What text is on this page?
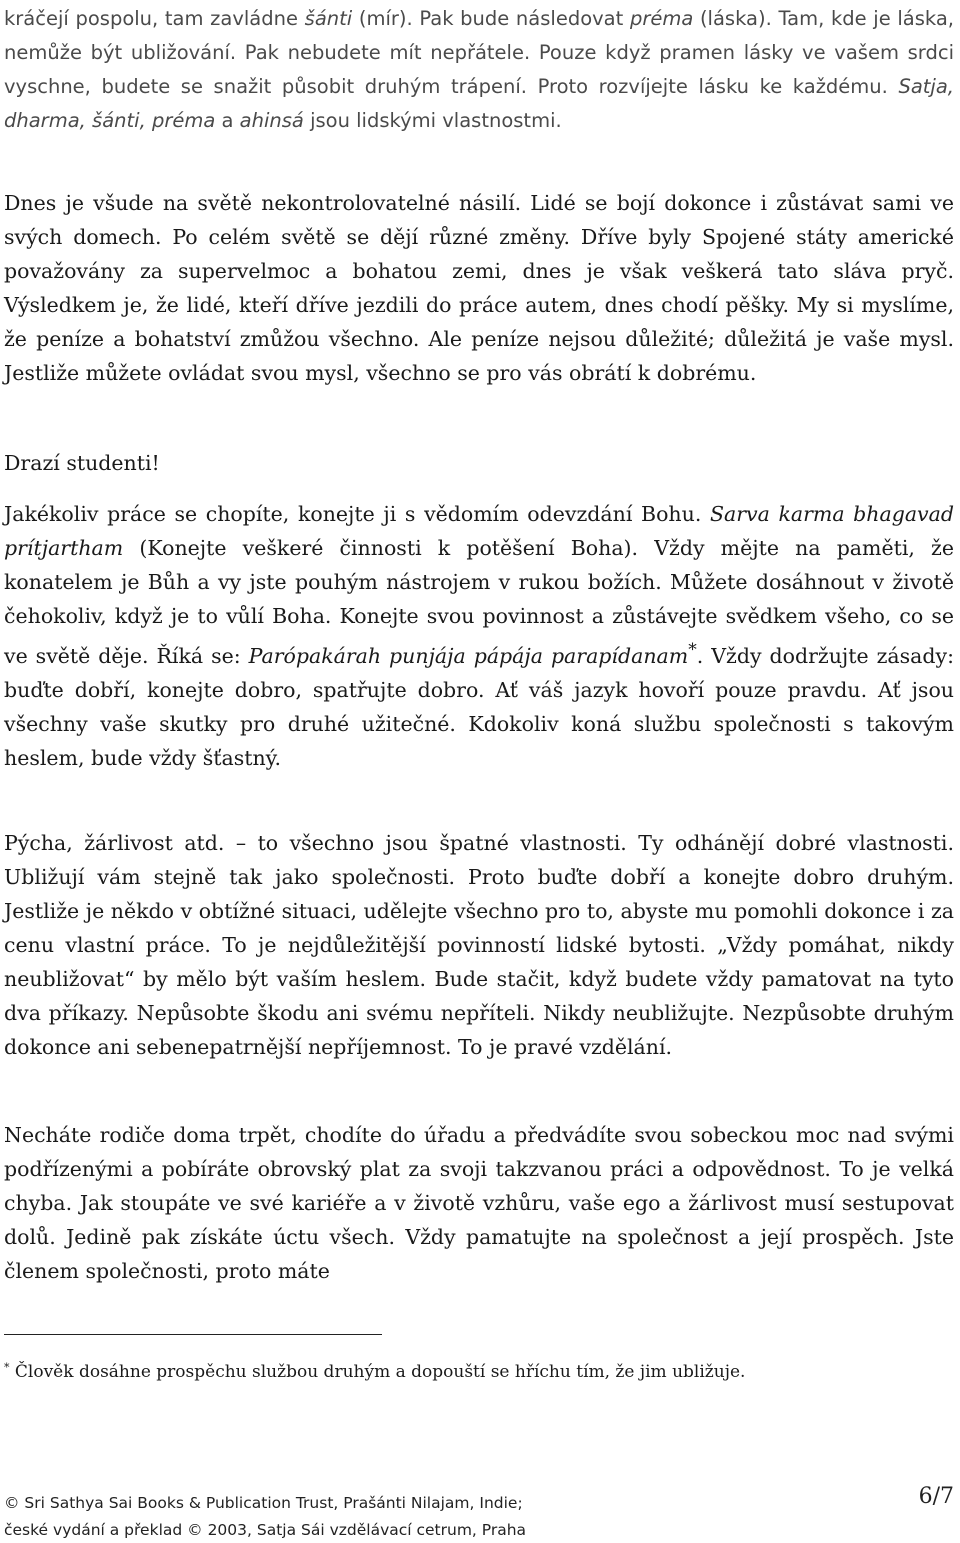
kráčejí pospolu, tam zavládne šánti (mír). Pak bude následovat préma (láska). Tam, kde je láska, nemůže být ubližování. Pak nebudete mít nepřátele. Pouze když pramen lásky ve vašem srdci vyschne, budete se snažit působit druhým trápení. Proto rozvíjejte lásku ke každému. Satja, dharma, šánti, préma a ahinsá jsou lidskými vlastnostmi.

Dnes je všude na světě nekontrolovatelné násilí. Lidé se bojí dokonce i zůstávat sami ve svých domech. Po celém světě se dějí různé změny. Dříve byly Spojené státy americké považovány za supervelmoc a bohatou zemi, dnes je však veškerá tato sláva pryč. Výsledkem je, že lidé, kteří dříve jezdili do práce autem, dnes chodí pěšky. My si myslíme, že peníze a bohatství zmůžou všechno. Ale peníze nejsou důležité; důležitá je vaše mysl. Jestliže můžete ovládat svou mysl, všechno se pro vás obrátí k dobrému.

Drazí studenti!

Jakékoliv práce se chopíte, konejte ji s vědomím odevzdání Bohu. Sarva karma bhagavad prítjartham (Konejte veškeré činnosti k potěšení Boha). Vždy mějte na paměti, že konatelem je Bůh a vy jste pouhým nástrojem v rukou božích. Můžete dosáhnout v životě čehokoliv, když je to vůlí Boha. Konejte svou povinnost a zůstávejte svědkem všeho, co se ve světě děje. Říká se: Parópakárah punjája pápája parapídanam*. Vždy dodržujte zásady: buďte dobří, konejte dobro, spatřujte dobro. Ať váš jazyk hovoří pouze pravdu. Ať jsou všechny vaše skutky pro druhé užitečné. Kdokoliv koná službu společnosti s takovým heslem, bude vždy šťastný.

Pýcha, žárlivost atd. – to všechno jsou špatné vlastnosti. Ty odhánějí dobré vlastnosti. Ubližují vám stejně tak jako společnosti. Proto buďte dobří a konejte dobro druhým. Jestliže je někdo v obtížné situaci, udělejte všechno pro to, abyste mu pomohli dokonce i za cenu vlastní práce. To je nejdůležitější povinností lidské bytosti. „Vždy pomáhat, nikdy neubližovat“ by mělo být vaším heslem. Bude stačit, když budete vždy pamatovat na tyto dva příkazy. Nepůsobte škodu ani svému nepříteli. Nikdy neubližujte. Nezpůsobte druhým dokonce ani sebenepatrnější nepříjemnost. To je pravé vzdělání.

Necháte rodiče doma trpět, chodíte do úřadu a předvádíte svou sobeckou moc nad svými podřízenými a pobíráte obrovský plat za svoji takzvanou práci a odpovědnost. To je velká chyba. Jak stoupáte ve své kariéře a v životě vzhůru, vaše ego a žárlivost musí sestupovat dolů. Jedině pak získáte úctu všech. Vždy pamatujte na společnost a její prospěch. Jste členem společnosti, proto máte

* Člověk dosáhne prospěchu službou druhým a dopouští se hříchu tím, že jim ubližuje.

© Sri Sathya Sai Books & Publication Trust, Prašánti Nilajam, Indie;
české vydání a překlad © 2003, Satja Sái vzdělávací cetrum, Praha
6/7
